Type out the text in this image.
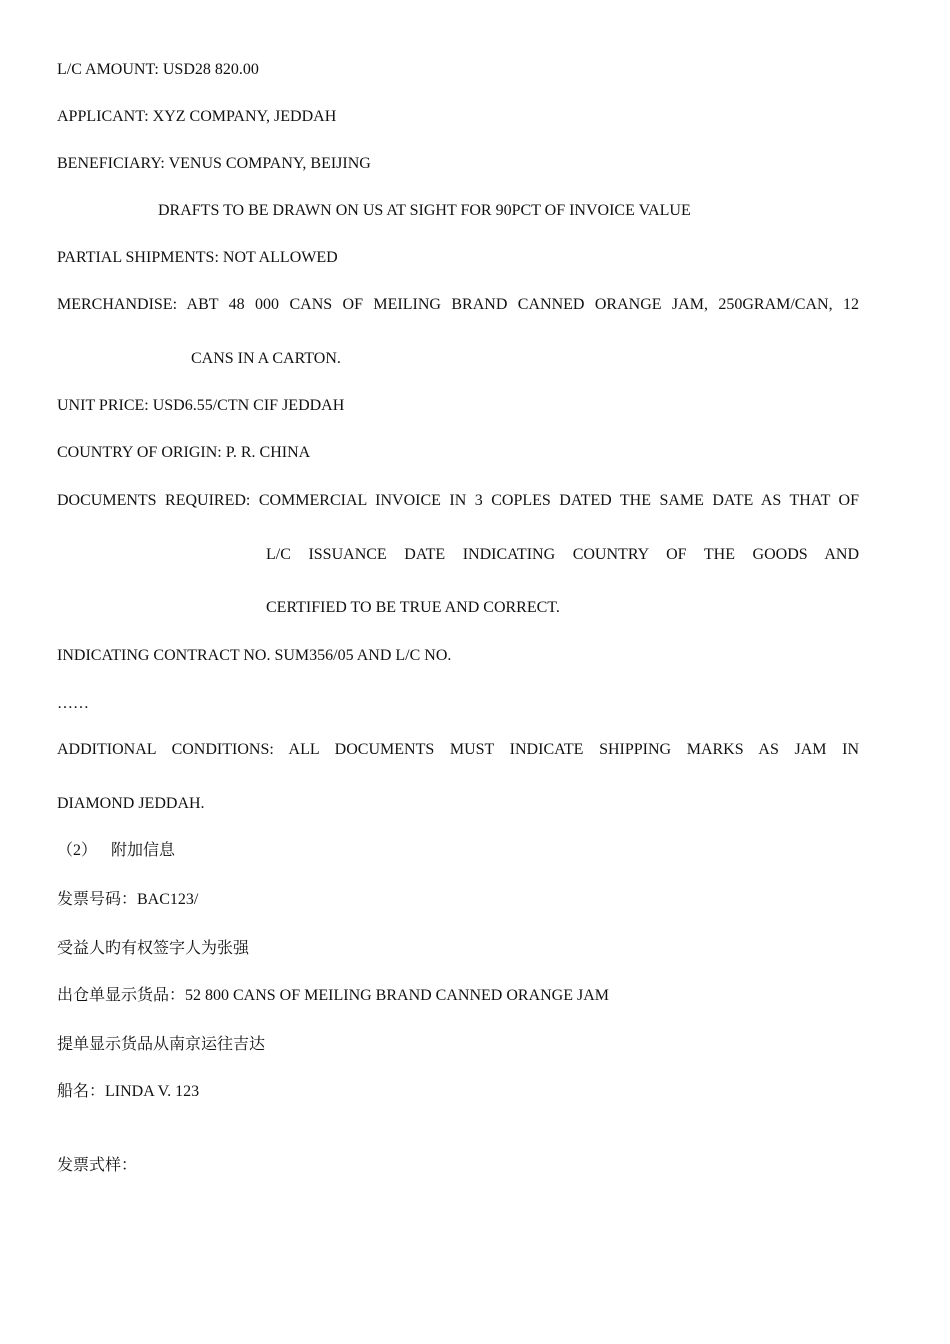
L/C AMOUNT: USD28 820.00
APPLICANT: XYZ COMPANY, JEDDAH
BENEFICIARY: VENUS COMPANY, BEIJING
DRAFTS TO BE DRAWN ON US AT SIGHT FOR 90PCT OF INVOICE VALUE
PARTIAL SHIPMENTS: NOT ALLOWED
MERCHANDISE: ABT 48 000 CANS OF MEILING BRAND CANNED ORANGE JAM, 250GRAM/CAN, 12
CANS IN A CARTON.
UNIT PRICE: USD6.55/CTN CIF JEDDAH
COUNTRY OF ORIGIN: P. R. CHINA
DOCUMENTS REQUIRED: COMMERCIAL INVOICE IN 3 COPLES DATED THE SAME DATE AS THAT OF
L/C ISSUANCE DATE INDICATING COUNTRY OF THE GOODS AND
CERTIFIED TO BE TRUE AND CORRECT.
INDICATING CONTRACT NO. SUM356/05 AND L/C NO.
……
ADDITIONAL CONDITIONS: ALL DOCUMENTS MUST INDICATE SHIPPING MARKS AS JAM IN
DIAMOND JEDDAH.
（2） 附加信息
发票号码：BAC123/
受益人旳有权签字人为张强
出仓单显示货品：52 800 CANS OF MEILING BRAND CANNED ORANGE JAM
提单显示货品从南京运往吉达
船名：LINDA V. 123
发票式样：
